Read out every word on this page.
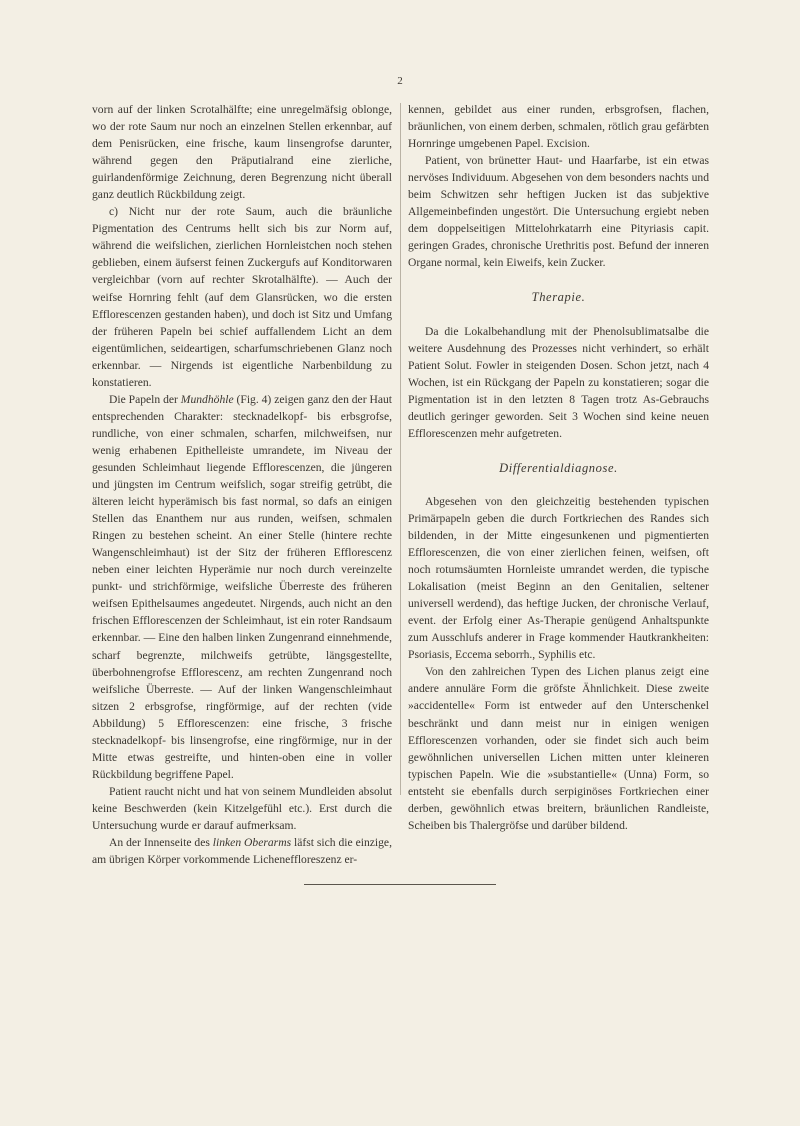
2

vorn auf der linken Scrotalhälfte; eine unregelmäfsig oblonge, wo der rote Saum nur noch an einzelnen Stellen erkennbar, auf dem Penisrücken, eine frische, kaum linsengrofse darunter, während gegen den Präputialrand eine zierliche, guirlandenförmige Zeichnung, deren Begrenzung nicht überall ganz deutlich Rückbildung zeigt.

c) Nicht nur der rote Saum, auch die bräunliche Pigmentation des Centrums hellt sich bis zur Norm auf, während die weifslichen, zierlichen Hornleistchen noch stehen geblieben, einem äufserst feinen Zuckergufs auf Konditorwaren vergleichbar (vorn auf rechter Skrotalhälfte). — Auch der weifse Hornring fehlt (auf dem Glansrücken, wo die ersten Efflorescenzen gestanden haben), und doch ist Sitz und Umfang der früheren Papeln bei schief auffallendem Licht an dem eigentümlichen, seideartigen, scharfumschriebenen Glanz noch erkennbar. — Nirgends ist eigentliche Narbenbildung zu konstatieren.

Die Papeln der Mundhöhle (Fig. 4) zeigen ganz den der Haut entsprechenden Charakter: stecknadelkopf- bis erbsgrofse, rundliche, von einer schmalen, scharfen, milchweifsen, nur wenig erhabenen Epithelleiste umrandete, im Niveau der gesunden Schleimhaut liegende Efflorescenzen, die jüngeren und jüngsten im Centrum weifslich, sogar streifig getrübt, die älteren leicht hyperämisch bis fast normal, so dafs an einigen Stellen das Enanthem nur aus runden, weifsen, schmalen Ringen zu bestehen scheint. An einer Stelle (hintere rechte Wangenschleimhaut) ist der Sitz der früheren Efflorescenz neben einer leichten Hyperämie nur noch durch vereinzelte punkt- und strichförmige, weifsliche Überreste des früheren weifsen Epithelsaumes angedeutet. Nirgends, auch nicht an den frischen Efflorescenzen der Schleimhaut, ist ein roter Randsaum erkennbar. — Eine den halben linken Zungenrand einnehmende, scharf begrenzte, milchweifs getrübte, längsgestellte, überbohnengrofse Efflorescenz, am rechten Zungenrand noch weifsliche Überreste. — Auf der linken Wangenschleimhaut sitzen 2 erbsgrofse, ringförmige, auf der rechten (vide Abbildung) 5 Efflorescenzen: eine frische, 3 frische stecknadelkopf- bis linsengrofse, eine ringförmige, nur in der Mitte etwas gestreifte, und hinten-oben eine in voller Rückbildung begriffene Papel.

Patient raucht nicht und hat von seinem Mundleiden absolut keine Beschwerden (kein Kitzelgefühl etc.). Erst durch die Untersuchung wurde er darauf aufmerksam.

An der Innenseite des linken Oberarms läfst sich die einzige, am übrigen Körper vorkommende Licheneffloreszenz er-

kennen, gebildet aus einer runden, erbsgrofsen, flachen, bräunlichen, von einem derben, schmalen, rötlich grau gefärbten Hornringe umgebenen Papel. Excision.

Patient, von brünetter Haut- und Haarfarbe, ist ein etwas nervöses Individuum. Abgesehen von dem besonders nachts und beim Schwitzen sehr heftigen Jucken ist das subjektive Allgemeinbefinden ungestört. Die Untersuchung ergiebt neben dem doppelseitigen Mittelohrkatarrh eine Pityriasis capit. geringen Grades, chronische Urethritis post. Befund der inneren Organe normal, kein Eiweifs, kein Zucker.

Therapie.

Da die Lokalbehandlung mit der Phenolsublimatsalbe die weitere Ausdehnung des Prozesses nicht verhindert, so erhält Patient Solut. Fowler in steigenden Dosen. Schon jetzt, nach 4 Wochen, ist ein Rückgang der Papeln zu konstatieren; sogar die Pigmentation ist in den letzten 8 Tagen trotz As-Gebrauchs deutlich geringer geworden. Seit 3 Wochen sind keine neuen Efflorescenzen mehr aufgetreten.

Differentialdiagnose.

Abgesehen von den gleichzeitig bestehenden typischen Primärpapeln geben die durch Fortkriechen des Randes sich bildenden, in der Mitte eingesunkenen und pigmentierten Efflorescenzen, die von einer zierlichen feinen, weifsen, oft noch rotumsäumten Hornleiste umrandet werden, die typische Lokalisation (meist Beginn an den Genitalien, seltener universell werdend), das heftige Jucken, der chronische Verlauf, event. der Erfolg einer As-Therapie genügend Anhaltspunkte zum Ausschlufs anderer in Frage kommender Hautkrankheiten: Psoriasis, Eccema seborrh., Syphilis etc.

Von den zahlreichen Typen des Lichen planus zeigt eine andere annuläre Form die gröfste Ähnlichkeit. Diese zweite »accidentelle« Form ist entweder auf den Unterschenkel beschränkt und dann meist nur in einigen wenigen Efflorescenzen vorhanden, oder sie findet sich auch beim gewöhnlichen universellen Lichen mitten unter kleineren typischen Papeln. Wie die »substantielle« (Unna) Form, so entsteht sie ebenfalls durch serpiginöses Fortkriechen einer derben, gewöhnlich etwas breitern, bräunlichen Randleiste, Scheiben bis Thalergröfse und darüber bildend.
